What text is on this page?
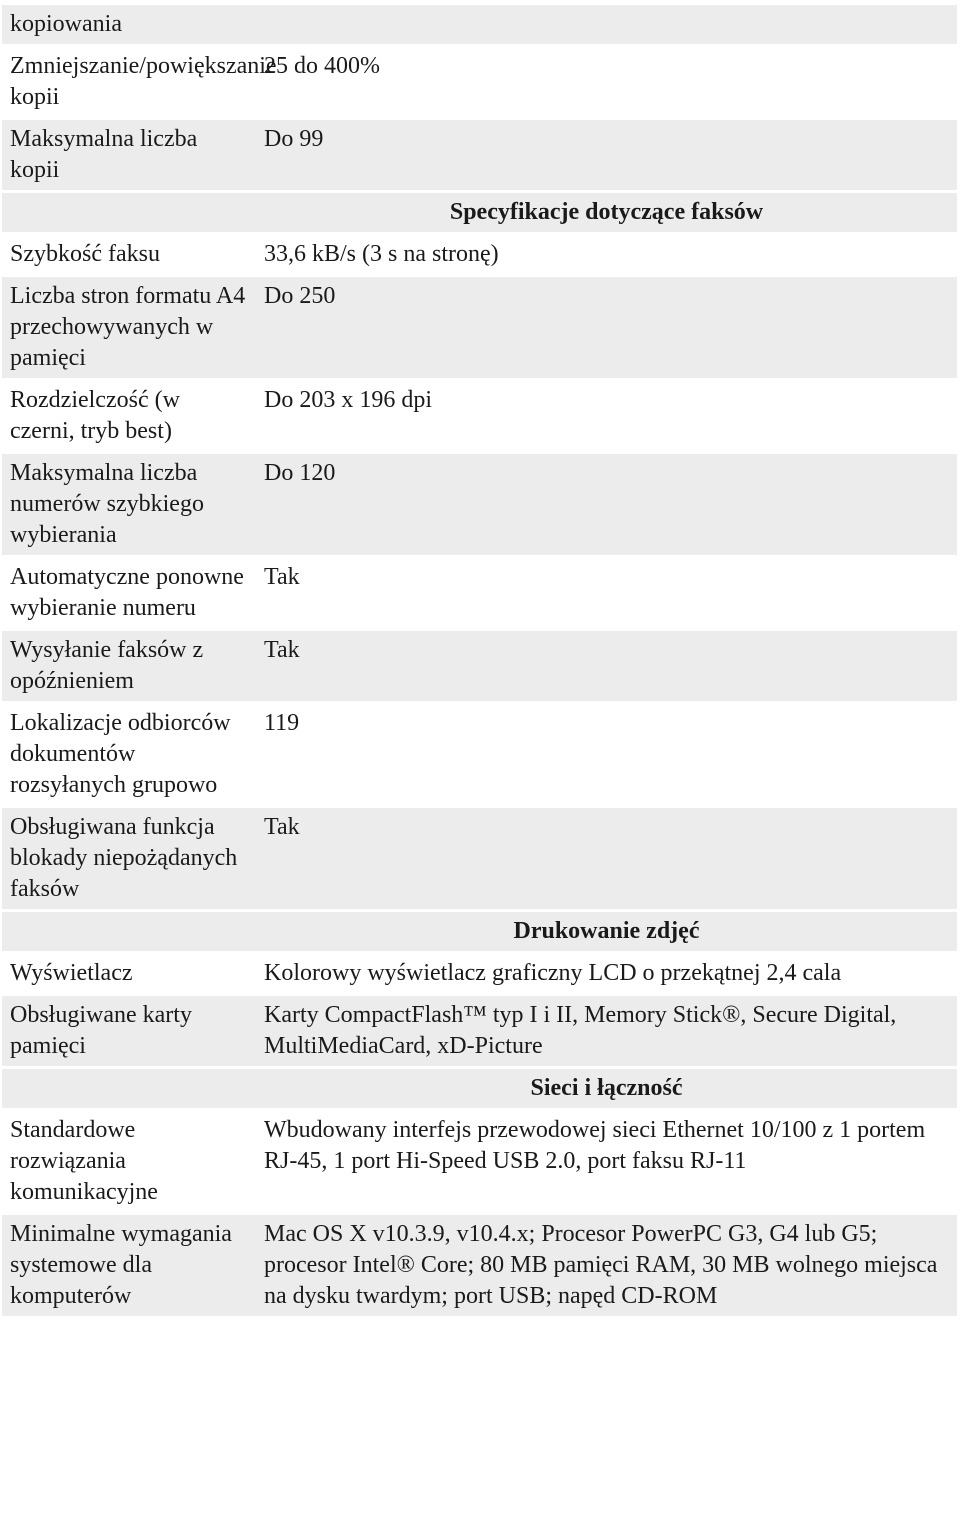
kopiowania	
Zmniejszanie/powiększanie kopii	25 do 400%
Maksymalna liczba kopii	Do 99
	Specyfikacje dotyczące faksów
Szybkość faksu	33,6 kB/s (3 s na stronę)
Liczba stron formatu A4 przechowywanych w pamięci	Do 250
Rozdzielczość (w czerni, tryb best)	Do 203 x 196 dpi
Maksymalna liczba numerów szybkiego wybierania	Do 120
Automatyczne ponowne wybieranie numeru	Tak
Wysyłanie faksów z opóźnieniem	Tak
Lokalizacje odbiorców dokumentów rozsyłanych grupowo	119
Obsługiwana funkcja blokady niepożądanych faksów	Tak
	Drukowanie zdjęć
Wyświetlacz	Kolorowy wyświetlacz graficzny LCD o przekątnej 2,4 cala
Obsługiwane karty pamięci	Karty CompactFlash™ typ I i II, Memory Stick®, Secure Digital, MultiMediaCard, xD-Picture
	Sieci i łączność
Standardowe rozwiązania komunikacyjne	Wbudowany interfejs przewodowej sieci Ethernet 10/100 z 1 portem RJ-45, 1 port Hi-Speed USB 2.0, port faksu RJ-11
Minimalne wymagania systemowe dla komputerów	Mac OS X v10.3.9, v10.4.x; Procesor PowerPC G3, G4 lub G5; procesor Intel® Core; 80 MB pamięci RAM, 30 MB wolnego miejsca na dysku twardym; port USB; napęd CD-ROM
